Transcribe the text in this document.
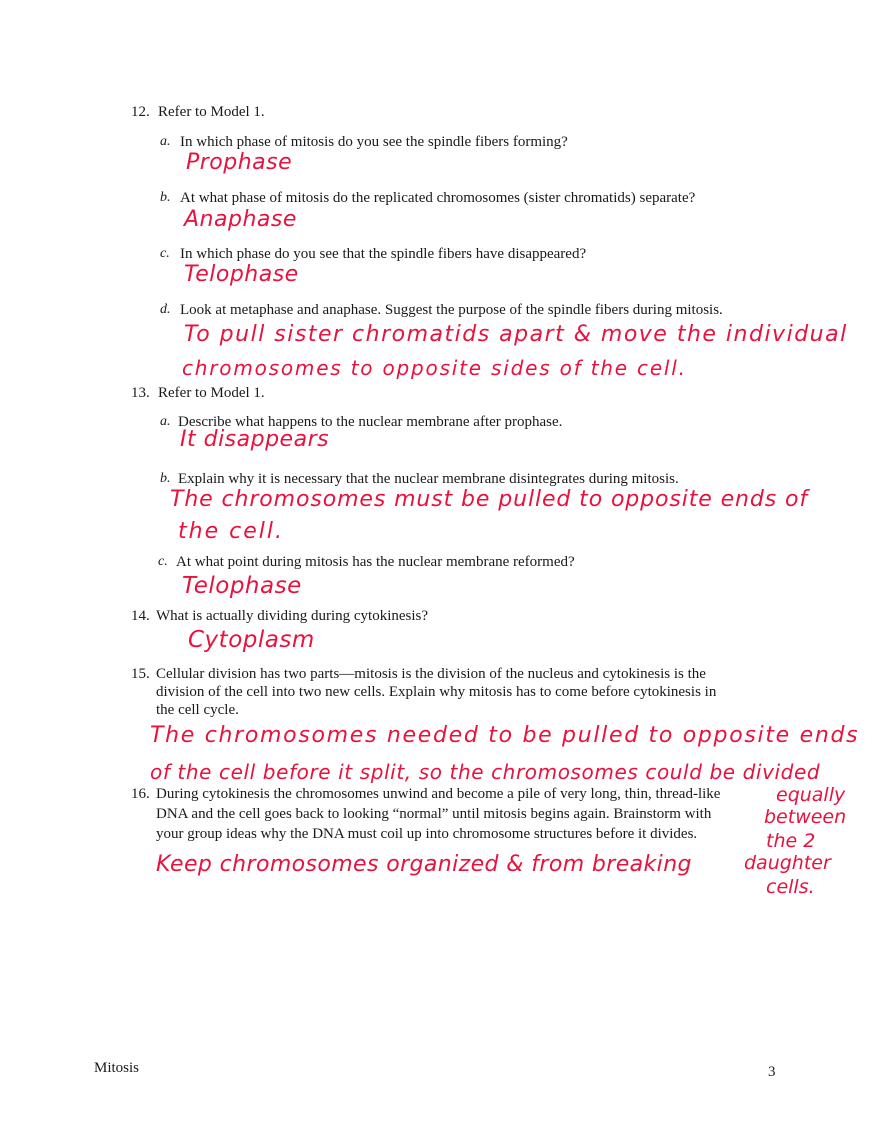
12. Refer to Model 1.
a. In which phase of mitosis do you see the spindle fibers forming?
Prophase
b. At what phase of mitosis do the replicated chromosomes (sister chromatids) separate?
Anaphase
c. In which phase do you see that the spindle fibers have disappeared?
Telophase
d. Look at metaphase and anaphase. Suggest the purpose of the spindle fibers during mitosis.
To pull sister chromatids apart & move the individual
chromosomes to opposite sides of the cell.
13. Refer to Model 1.
a. Describe what happens to the nuclear membrane after prophase.
It disappears
b. Explain why it is necessary that the nuclear membrane disintegrates during mitosis.
The chromosomes must be pulled to opposite ends of
the cell.
c. At what point during mitosis has the nuclear membrane reformed?
Telophase
14. What is actually dividing during cytokinesis?
Cytoplasm
15. Cellular division has two parts—mitosis is the division of the nucleus and cytokinesis is the
division of the cell into two new cells. Explain why mitosis has to come before cytokinesis in
the cell cycle.
The chromosomes needed to be pulled to opposite ends
of the cell before it split, so the chromosomes could be divided
equally
between
the 2
daughter
cells.
16. During cytokinesis the chromosomes unwind and become a pile of very long, thin, thread-like
DNA and the cell goes back to looking “normal” until mitosis begins again. Brainstorm with
your group ideas why the DNA must coil up into chromosome structures before it divides.
Keep chromosomes organized & from breaking
Mitosis	3
